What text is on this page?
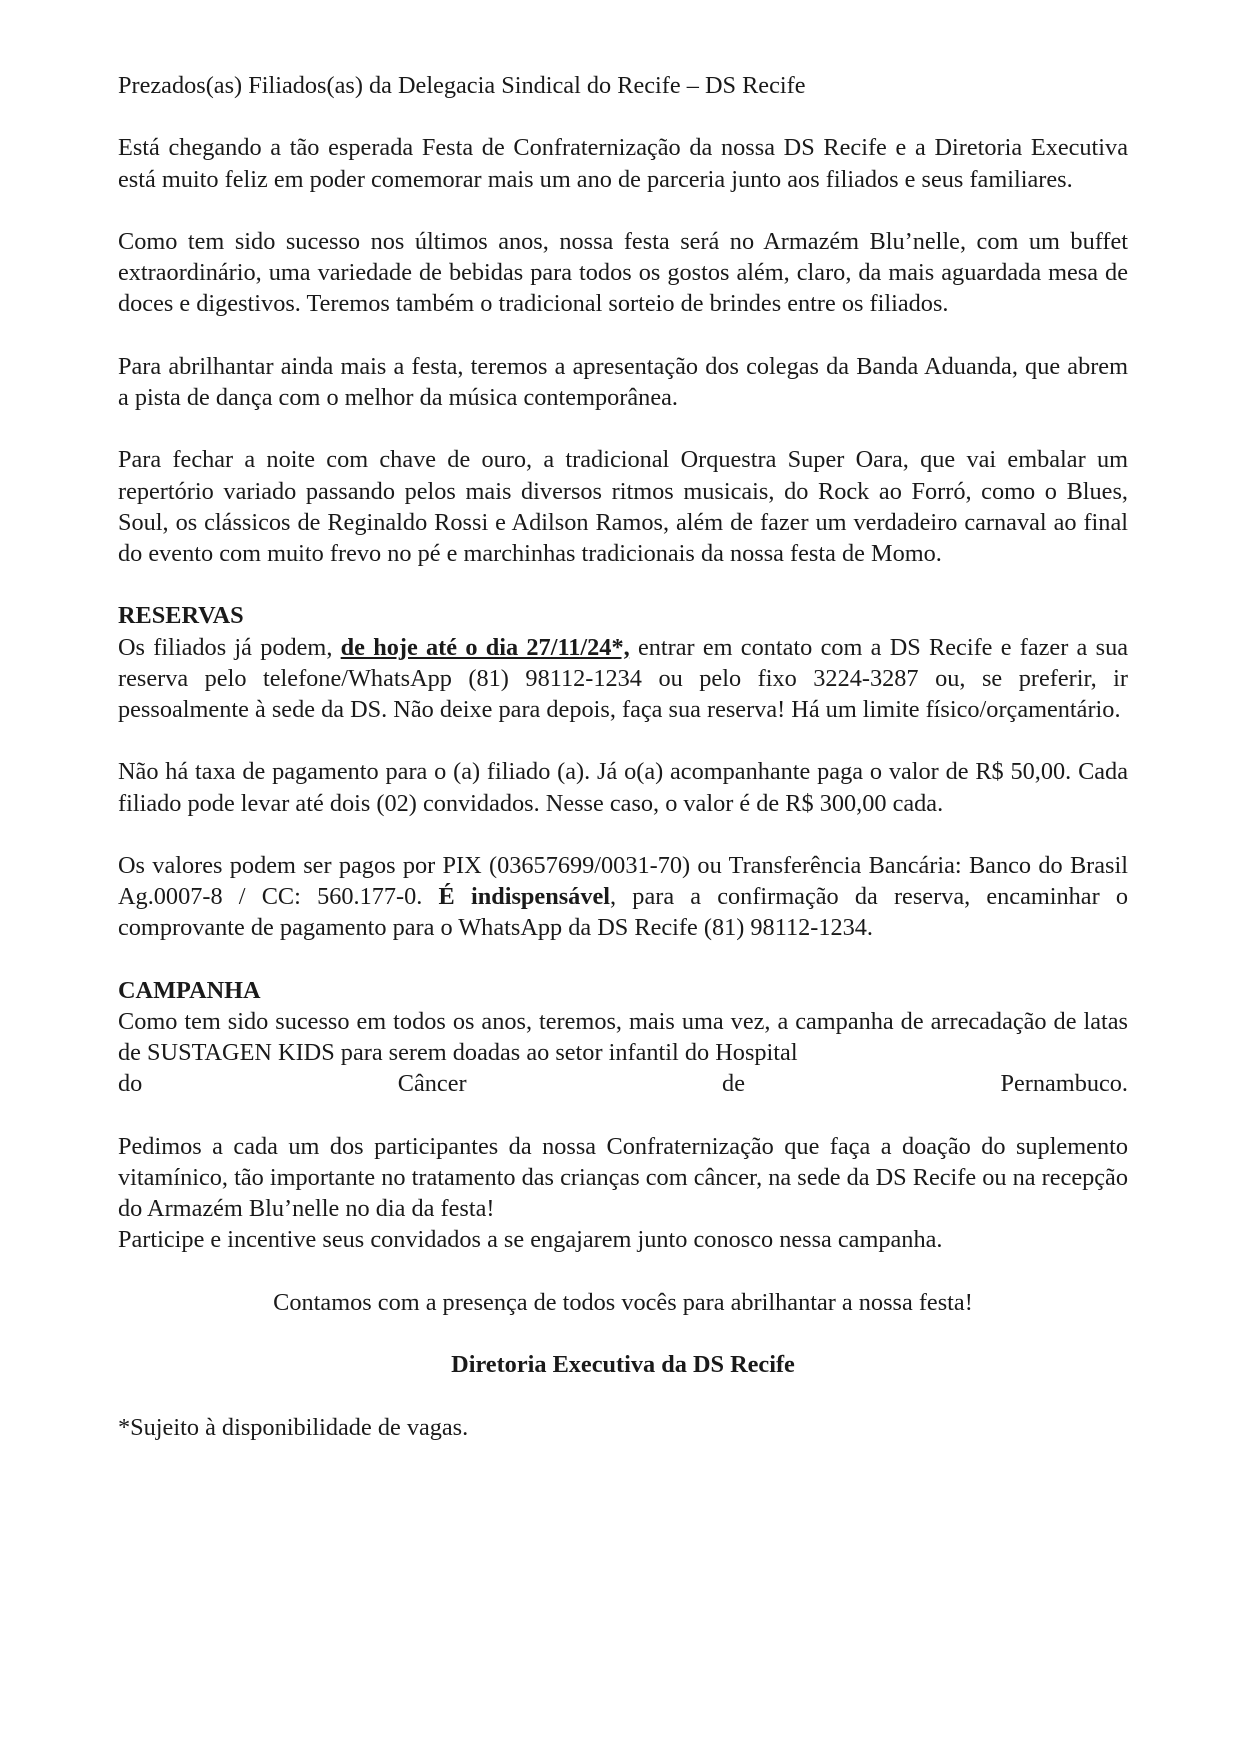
Prezados(as) Filiados(as) da Delegacia Sindical do Recife – DS Recife

Está chegando a tão esperada Festa de Confraternização da nossa DS Recife e a Diretoria Executiva está muito feliz em poder comemorar mais um ano de parceria junto aos filiados e seus familiares.

Como tem sido sucesso nos últimos anos, nossa festa será no Armazém Blu’nelle, com um buffet extraordinário, uma variedade de bebidas para todos os gostos além, claro, da mais aguardada mesa de doces e digestivos. Teremos também o tradicional sorteio de brindes entre os filiados.

Para abrilhantar ainda mais a festa, teremos a apresentação dos colegas da Banda Aduanda, que abrem a pista de dança com o melhor da música contemporânea.

Para fechar a noite com chave de ouro, a tradicional Orquestra Super Oara, que vai embalar um repertório variado passando pelos mais diversos ritmos musicais, do Rock ao Forró, como o Blues, Soul, os clássicos de Reginaldo Rossi e Adilson Ramos, além de fazer um verdadeiro carnaval ao final do evento com muito frevo no pé e marchinhas tradicionais da nossa festa de Momo.

RESERVAS

Os filiados já podem, de hoje até o dia 27/11/24*, entrar em contato com a DS Recife e fazer a sua reserva pelo telefone/WhatsApp (81) 98112-1234 ou pelo fixo 3224-3287 ou, se preferir, ir pessoalmente à sede da DS. Não deixe para depois, faça sua reserva! Há um limite físico/orçamentário.

Não há taxa de pagamento para o (a) filiado (a). Já o(a) acompanhante paga o valor de R$ 50,00. Cada filiado pode levar até dois (02) convidados. Nesse caso, o valor é de R$ 300,00 cada.

Os valores podem ser pagos por PIX (03657699/0031-70) ou Transferência Bancária: Banco do Brasil Ag.0007-8 / CC: 560.177-0. É indispensável, para a confirmação da reserva, encaminhar o comprovante de pagamento para o WhatsApp da DS Recife (81) 98112-1234.

CAMPANHA

Como tem sido sucesso em todos os anos, teremos, mais uma vez, a campanha de arrecadação de latas de SUSTAGEN KIDS para serem doadas ao setor infantil do Hospital
do Câncer de Pernambuco.

Pedimos a cada um dos participantes da nossa Confraternização que faça a doação do suplemento vitamínico, tão importante no tratamento das crianças com câncer, na sede da DS Recife ou na recepção do Armazém Blu’nelle no dia da festa!

Participe e incentive seus convidados a se engajarem junto conosco nessa campanha.

Contamos com a presença de todos vocês para abrilhantar a nossa festa!

Diretoria Executiva da DS Recife

*Sujeito à disponibilidade de vagas.
